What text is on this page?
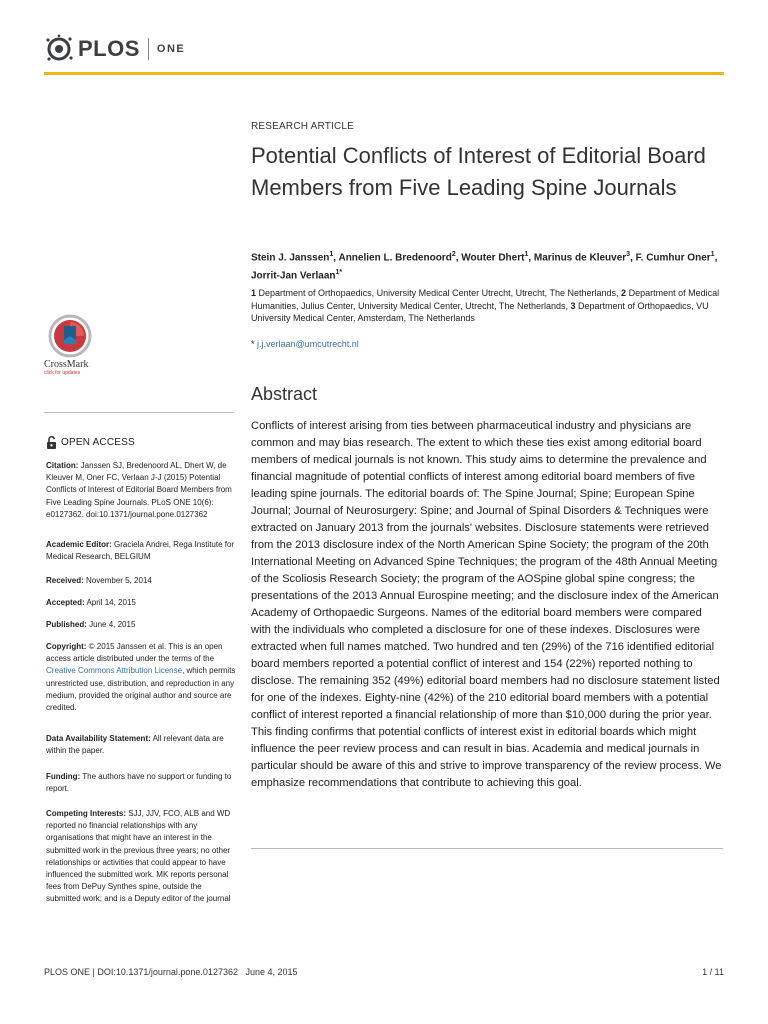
PLOS ONE
CrossMark
click for updates
OPEN ACCESS
Citation: Janssen SJ, Bredenoord AL, Dhert W, de Kleuver M, Oner FC, Verlaan J-J (2015) Potential Conflicts of Interest of Editorial Board Members from Five Leading Spine Journals. PLoS ONE 10(6): e0127362. doi:10.1371/journal.pone.0127362
Academic Editor: Graciela Andrei, Rega Institute for Medical Research, BELGIUM
Received: November 5, 2014
Accepted: April 14, 2015
Published: June 4, 2015
Copyright: © 2015 Janssen et al. This is an open access article distributed under the terms of the Creative Commons Attribution License, which permits unrestricted use, distribution, and reproduction in any medium, provided the original author and source are credited.
Data Availability Statement: All relevant data are within the paper.
Funding: The authors have no support or funding to report.
Competing Interests: SJJ, JJV, FCO, ALB and WD reported no financial relationships with any organisations that might have an interest in the submitted work in the previous three years; no other relationships or activities that could appear to have influenced the submitted work. MK reports personal fees from DePuy Synthes spine, outside the submitted work; and is a Deputy editor of the journal
RESEARCH ARTICLE
Potential Conflicts of Interest of Editorial Board Members from Five Leading Spine Journals
Stein J. Janssen$^1$, Annelien L. Bredenoord$^2$, Wouter Dhert$^1$, Marinus de Kleuver$^3$, F. Cumhur Oner$^1$, Jorrit-Jan Verlaan$^{1*}$
1 Department of Orthopaedics, University Medical Center Utrecht, Utrecht, The Netherlands, 2 Department of Medical Humanities, Julius Center, University Medical Center, Utrecht, The Netherlands, 3 Department of Orthopaedics, VU University Medical Center, Amsterdam, The Netherlands
* j.j.verlaan@umcutrecht.nl
Abstract
Conflicts of interest arising from ties between pharmaceutical industry and physicians are common and may bias research. The extent to which these ties exist among editorial board members of medical journals is not known. This study aims to determine the prevalence and financial magnitude of potential conflicts of interest among editorial board members of five leading spine journals. The editorial boards of: The Spine Journal; Spine; European Spine Journal; Journal of Neurosurgery: Spine; and Journal of Spinal Disorders & Techniques were extracted on January 2013 from the journals' websites. Disclosure statements were retrieved from the 2013 disclosure index of the North American Spine Society; the program of the 20th International Meeting on Advanced Spine Techniques; the program of the 48th Annual Meeting of the Scoliosis Research Society; the program of the AOSpine global spine congress; the presentations of the 2013 Annual Eurospine meeting; and the disclosure index of the American Academy of Orthopaedic Surgeons. Names of the editorial board members were compared with the individuals who completed a disclosure for one of these indexes. Disclosures were extracted when full names matched. Two hundred and ten (29%) of the 716 identified editorial board members reported a potential conflict of interest and 154 (22%) reported nothing to disclose. The remaining 352 (49%) editorial board members had no disclosure statement listed for one of the indexes. Eighty-nine (42%) of the 210 editorial board members with a potential conflict of interest reported a financial relationship of more than $10,000 during the prior year. This finding confirms that potential conflicts of interest exist in editorial boards which might influence the peer review process and can result in bias. Academia and medical journals in particular should be aware of this and strive to improve transparency of the review process. We emphasize recommendations that contribute to achieving this goal.
PLOS ONE | DOI:10.1371/journal.pone.0127362 June 4, 2015	1 / 11
